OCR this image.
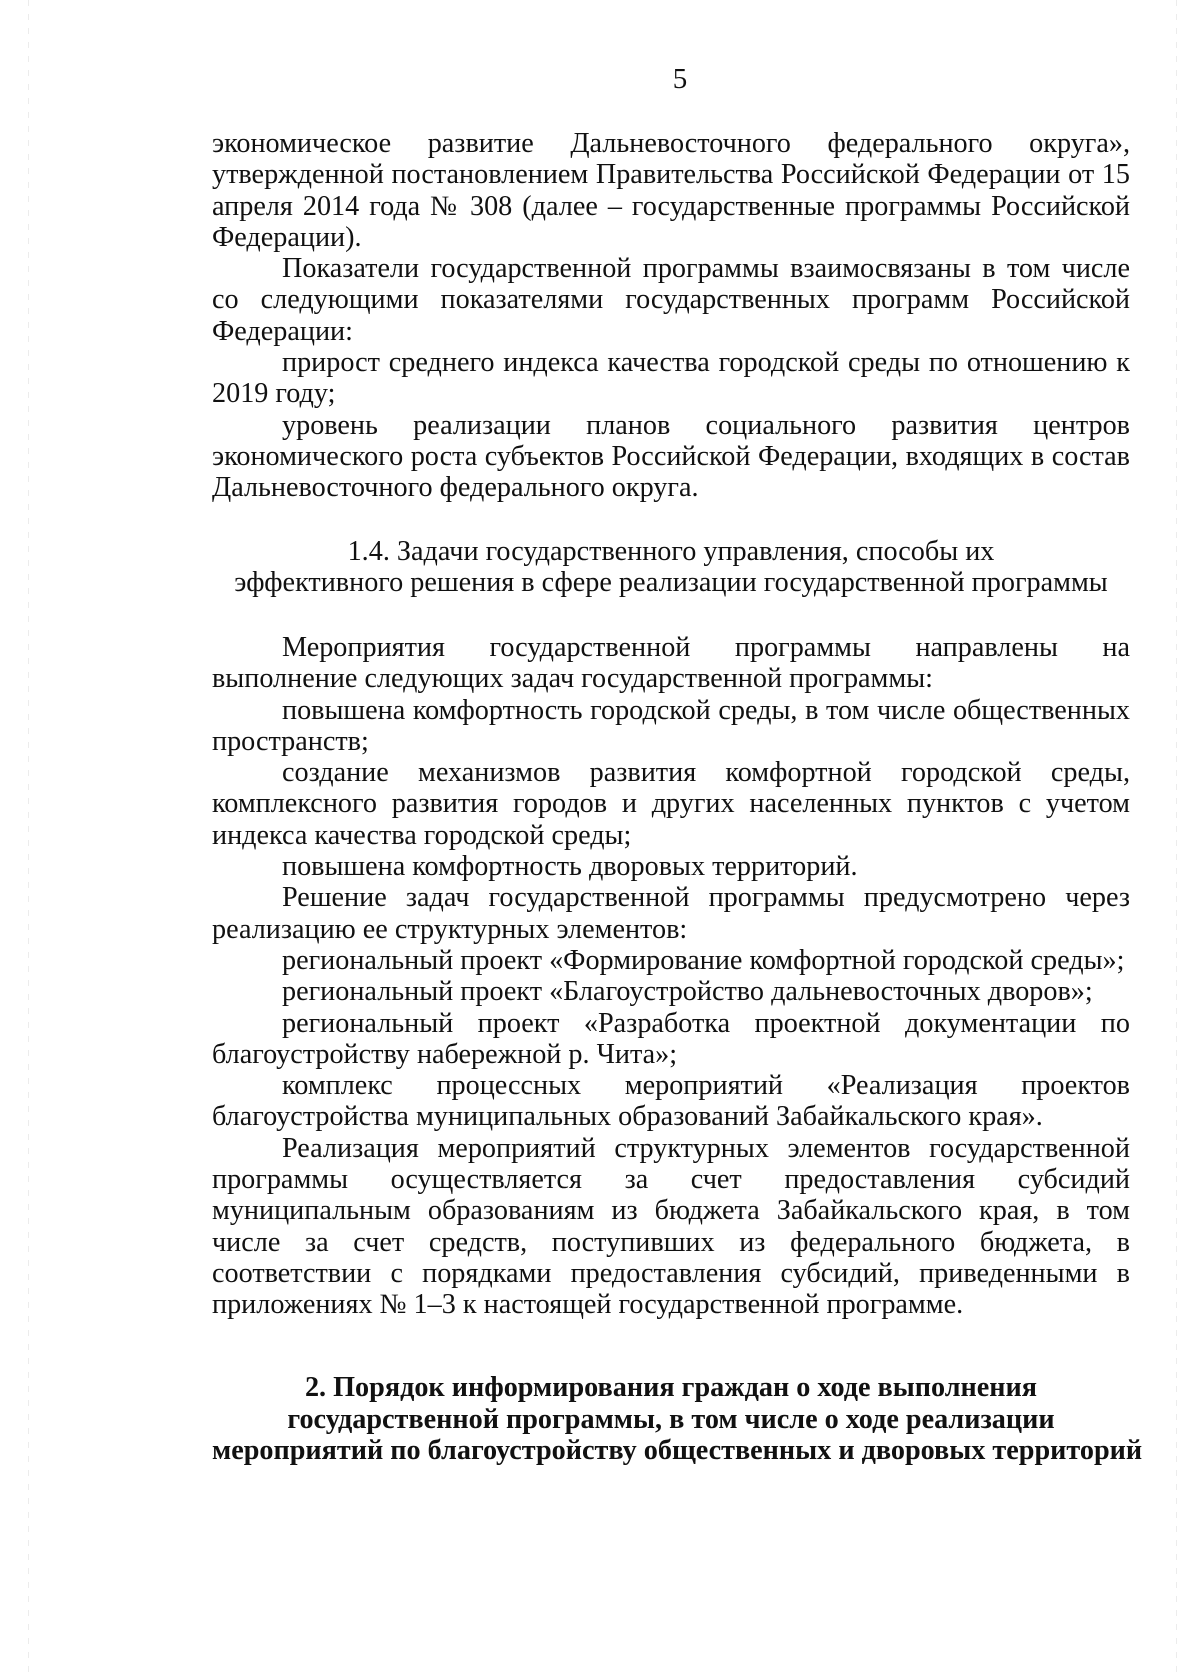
5

экономическое развитие Дальневосточного федерального округа», утвержденной постановлением Правительства Российской Федерации от 15 апреля 2014 года № 308 (далее – государственные программы Российской Федерации).

Показатели государственной программы взаимосвязаны в том числе со следующими показателями государственных программ Российской Федерации:

прирост среднего индекса качества городской среды по отношению к 2019 году;

уровень реализации планов социального развития центров экономического роста субъектов Российской Федерации, входящих в состав Дальневосточного федерального округа.

1.4. Задачи государственного управления, способы их
эффективного решения в сфере реализации государственной программы

Мероприятия государственной программы направлены на выполнение следующих задач государственной программы:

повышена комфортность городской среды, в том числе общественных пространств;

создание механизмов развития комфортной городской среды, комплексного развития городов и других населенных пунктов с учетом индекса качества городской среды;

повышена комфортность дворовых территорий.

Решение задач государственной программы предусмотрено через реализацию ее структурных элементов:

региональный проект «Формирование комфортной городской среды»;

региональный проект «Благоустройство дальневосточных дворов»;

региональный проект «Разработка проектной документации по благоустройству набережной р. Чита»;

комплекс процессных мероприятий «Реализация проектов благоустройства муниципальных образований Забайкальского края».

Реализация мероприятий структурных элементов государственной программы осуществляется за счет предоставления субсидий муниципальным образованиям из бюджета Забайкальского края, в том числе за счет средств, поступивших из федерального бюджета, в соответствии с порядками предоставления субсидий, приведенными в приложениях № 1–3 к настоящей государственной программе.

2. Порядок информирования граждан о ходе выполнения
государственной программы, в том числе о ходе реализации
мероприятий по благоустройству общественных и дворовых территорий
